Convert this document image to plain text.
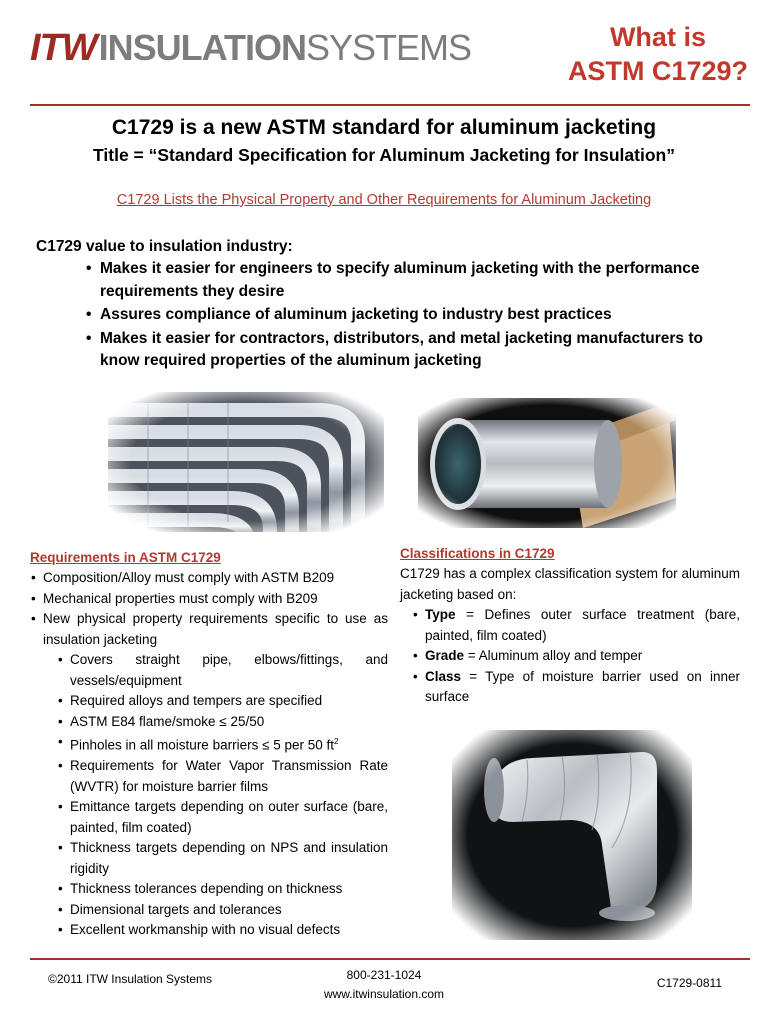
ITW INSULATION SYSTEMS	What is
ASTM C1729?
C1729 is a new ASTM standard for aluminum jacketing
Title = “Standard Specification for Aluminum Jacketing for Insulation”
C1729 Lists the Physical Property and Other Requirements for Aluminum Jacketing
C1729 value to insulation industry:
• Makes it easier for engineers to specify aluminum jacketing with the performance requirements they desire
• Assures compliance of aluminum jacketing to industry best practices
• Makes it easier for contractors, distributors, and metal jacketing manufacturers to know required properties of the aluminum jacketing
Requirements in ASTM C1729
• Composition/Alloy must comply with ASTM B209
• Mechanical properties must comply with B209
• New physical property requirements specific to use as insulation jacketing
• Covers straight pipe, elbows/fittings, and vessels/equipment
• Required alloys and tempers are specified
• ASTM E84 flame/smoke ≤ 25/50
• Pinholes in all moisture barriers ≤ 5 per 50 $ft^2$
• Requirements for Water Vapor Transmission Rate (WVTR) for moisture barrier films
• Emittance targets depending on outer surface (bare, painted, film coated)
• Thickness targets depending on NPS and insulation rigidity
• Thickness tolerances depending on thickness
• Dimensional targets and tolerances
• Excellent workmanship with no visual defects
Classifications in C1729
C1729 has a complex classification system for aluminum jacketing based on:
• Type = Defines outer surface treatment (bare, painted, film coated)
• Grade = Aluminum alloy and temper
• Class = Type of moisture barrier used on inner surface
©2011 ITW Insulation Systems	800-231-1024
www.itwinsulation.com
C1729-0811
